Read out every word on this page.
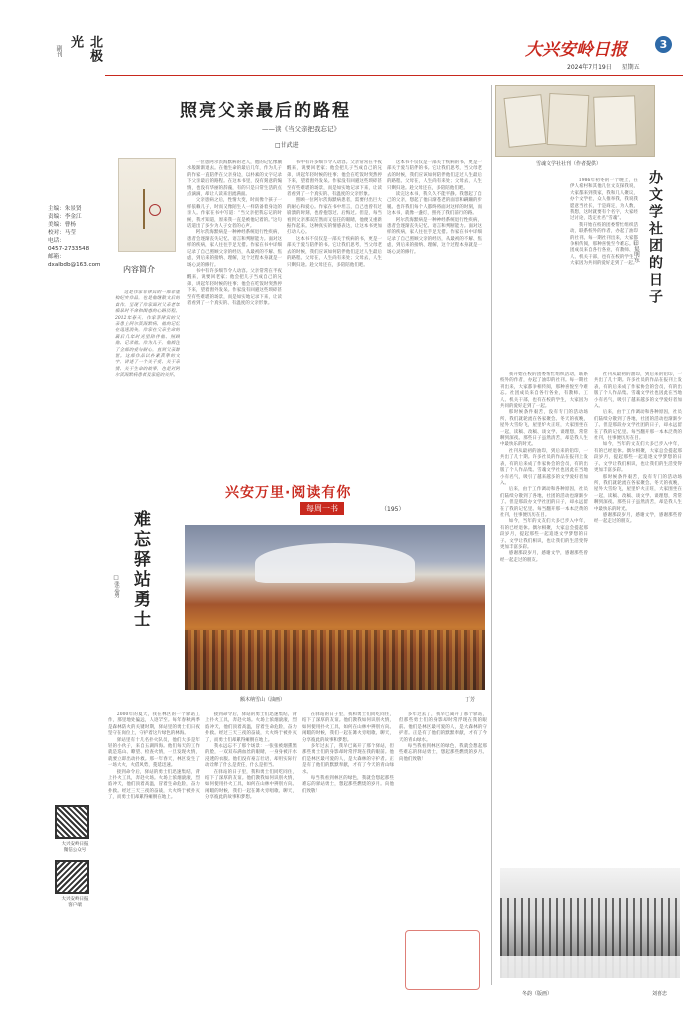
北极光
副刊	大兴安岭日报	3
2024年7月19日 星期五
主编：朱景贤
责编：李金江
美编：曹杨
校对：马莹
电话：
0457-2733548
邮箱：
dxalbdb@163.com
大兴安岭日报
微信公众号
大兴安岭日报
客户端
照亮父亲最后的路程
——读《当父亲把我忘记》
□甘武进
内容简介
这是作家菲律宾的一部非虚构纪实作品，也是他继散文后的首作，呈现了作家面对父亲老年痴呆时不舍和困惑的心路历程。2012年春天，作家菲律宾的父亲患上阿尔茨海默病，他的记忆在迅速消失，作家在父亲生命的最后几年时光里陪伴他、照顾他、记录他。作为儿子，他倾注了全部的爱与耐心，直到父亲辞世。这部作品以朴素真挚的文字，讲述了一个关于爱、关于亲情、关于生命的故事，也是对阿尔茨海默病患者及家庭的关怀。

一位患阿尔茨海默病的老人，他的记忆像潮水般渐渐退去。在他生命的最后几年，作为儿子的作家一直陪伴在父亲身边，以朴素的文字记录下父亲最后的路程。在这本书里，没有刻意的煽情，也没有华丽的辞藻，有的只是日常生活的点点滴滴，却让人读来泪流满面。

父亲患病之后，性情大变，时而像个孩子一样依赖儿子，时而又像陌生人一样防备着身边的亲人。作家在书中写道：“当父亲把我忘记的时候，我才知道，原来我一直是被他记着的。”这句话道出了多少为人子女者的心声。

阿尔茨海默病是一种神经系统退行性疾病，患者会逐渐丧失记忆、语言和判断能力。面对这样的疾病，家人往往手足无措。作家在书中详细记录了自己照顾父亲的经历，从最初的不解、焦虑，到后来的接纳、理解，这个过程本身就是一场心灵的修行。

书中有许多细节令人动容。父亲常常在半夜醒来，说要回老家；他会把儿子当成自己的兄弟，讲起年轻时候的往事；他会在吃饭时突然停下来，望着窗外发呆。作家没有回避这些琐碎甚至有些难堪的场景，而是如实地记录下来，让读者看到了一个真实的、有温度的父亲形象。

书中有许多细节令人动容。父亲常常在半夜醒来，说要回老家；他会把儿子当成自己的兄弟，讲起年轻时候的往事；他会在吃饭时突然停下来，望着窗外发呆。作家没有回避这些琐碎甚至有些难堪的场景，而是如实地记录下来，让读者看到了一个真实的、有温度的父亲形象。

照顾一位阿尔茨海默病患者，需要付出巨大的耐心和爱心。作家在书中坦言，自己也曾有过崩溃的时刻，也曾抱怨过、后悔过。但是，每当看到父亲那双茫然而又信任的眼睛，他便又重新振作起来。这种真实的情感表达，让这本书更加打动人心。

这本书不仅仅是一部关于疾病的书，更是一部关于爱与陪伴的书。它让我们思考，当父母老去的时候，我们应该如何陪伴他们走过人生最后的路程。父母在，人生尚有来处；父母去，人生只剩归途。趁父母还在，多陪陪他们吧。

这本书不仅仅是一部关于疾病的书，更是一部关于爱与陪伴的书。它让我们思考，当父母老去的时候，我们应该如何陪伴他们走过人生最后的路程。父母在，人生尚有来处；父母去，人生只剩归途。趁父母还在，多陪陪他们吧。

读完这本书，我久久不能平静。我想起了自己的父亲，想起了他日渐苍老的面容和蹒跚的步履。也许我们每个人都终将面对这样的时刻，而这本书，就像一盏灯，照亮了我们前行的路。

阿尔茨海默病是一种神经系统退行性疾病，患者会逐渐丧失记忆、语言和判断能力。面对这样的疾病，家人往往手足无措。作家在书中详细记录了自己照顾父亲的经历，从最初的不解、焦虑，到后来的接纳、理解，这个过程本身就是一场心灵的修行。

雪魂文学社社刊（作者提供）
办文学社团的日子
□吴明东

1986年初冬的一个晚上，在伊人希村和其他几位文友探我说，大家都来到我家，我和几人聚议，办个文学社，众人推举我，我说我愿意当社长，于是商定，为人数，我想，这时就要有个名字，大家经过讨论，选定社名“雪魂”。

我开始在校的团委帮忙组织活动，联系校外的作者，办起了油印的社刊。每一期社刊出来，大家都争相传阅，那种喜悦至今难忘。社团成员来自各行各业，有教师、工人、机关干部，也有在校的学生，大家因为共同的爱好走到了一起。

我开始在校的团委帮忙组织活动，联系校外的作者，办起了油印的社刊。每一期社刊出来，大家都争相传阅，那种喜悦至今难忘。社团成员来自各行各业，有教师、工人、机关干部，也有在校的学生，大家因为共同的爱好走到了一起。

那时候条件艰苦，没有专门的活动场所，我们就轮流在各家聚会。冬天的夜晚，屋外大雪纷飞，屋里炉火正旺，大家围坐在一起，读稿、改稿、谈文学、谈理想，常常聊到深夜。那些日子虽然清苦，却是我人生中最快乐的时光。

社刊从最初的油印，到后来的铅印，一共出了几十期。许多社员的作品在报刊上发表，有的后来成了作家协会的会员，有的出版了个人作品集。雪魂文学社也因此在当地小有名气，吸引了越来越多的文学爱好者加入。

后来，由于工作调动和各种原因，社员们陆续分散到了各地，社团的活动也渐渐少了。但是那段办文学社团的日子，却永远留在了我的记忆里。每当翻开那一本本泛黄的社刊，往事便历历在目。

如今，当年的文友们大多已步入中年，有的已经退休。偶尔相聚，大家总会提起那段岁月，提起那些一起追逐文学梦想的日子。文学让我们相识，也让我们的生活变得更加丰富多彩。

感谢那段岁月，感谢文学，感谢那些曾经一起走过的朋友。

社刊从最初的油印，到后来的铅印，一共出了几十期。许多社员的作品在报刊上发表，有的后来成了作家协会的会员，有的出版了个人作品集。雪魂文学社也因此在当地小有名气，吸引了越来越多的文学爱好者加入。

后来，由于工作调动和各种原因，社员们陆续分散到了各地，社团的活动也渐渐少了。但是那段办文学社团的日子，却永远留在了我的记忆里。每当翻开那一本本泛黄的社刊，往事便历历在目。

如今，当年的文友们大多已步入中年，有的已经退休。偶尔相聚，大家总会提起那段岁月，提起那些一起追逐文学梦想的日子。文学让我们相识，也让我们的生活变得更加丰富多彩。

那时候条件艰苦，没有专门的活动场所，我们就轮流在各家聚会。冬天的夜晚，屋外大雪纷飞，屋里炉火正旺，大家围坐在一起，读稿、改稿、谈文学、谈理想，常常聊到深夜。那些日子虽然清苦，却是我人生中最快乐的时光。

感谢那段岁月，感谢文学，感谢那些曾经一起走过的朋友。

兴安万里·阅读有你
每周一书	（195）
难忘驿站勇士
□张志勇
额木纳雪山（油画）	丁芳

2000年的夏天，我在林区的一个驿站工作，那里地处偏远，人迹罕至。每年春秋两季是森林防火的关键时期，驿站里的勇士们日夜坚守在岗位上，守护着这片绿色的林海。

驿站里有十几名扑火队员，他们大多是年轻的小伙子，来自五湖四海。他们每天的工作就是巡山、瞭望、检查火情，一旦发现火情，就要立即出动扑救。那一年春天，林区发生了一场大火，火借风势，蔓延迅速。

接到命令后，驿站的勇士们迅速集结，背上扑火工具，奔赴火场。火场上浓烟滚滚，烈焰冲天，他们顶着高温，冒着生命危险，奋力扑救。经过三天三夜的奋战，大火终于被扑灭了，而勇士们却累得瘫倒在地上。

接到命令后，驿站的勇士们迅速集结，背上扑火工具，奔赴火场。火场上浓烟滚滚，烈焰冲天，他们顶着高温，冒着生命危险，奋力扑救。经过三天三夜的奋战，大火终于被扑灭了，而勇士们却累得瘫倒在地上。

我永远忘不了那个场景：一张张被烟熏黑的脸，一双双布满血丝的眼睛，一身身被汗水浸透的衣服。他们没有豪言壮语，却用实际行动诠释了什么是责任，什么是担当。

在驿站的日子里，我和勇士们同吃同住，结下了深厚的友谊。他们教我如何识别火情，如何使用扑火工具，如何在山林中辨别方向。闲暇的时候，我们一起在篝火旁唱歌、聊天，分享彼此的故事和梦想。

在驿站的日子里，我和勇士们同吃同住，结下了深厚的友谊。他们教我如何识别火情，如何使用扑火工具，如何在山林中辨别方向。闲暇的时候，我们一起在篝火旁唱歌、聊天，分享彼此的故事和梦想。

多年过去了，我早已离开了那个驿站，但那些勇士们的身影却时常浮现在我的眼前。他们是林区最可爱的人，是大森林的守护者。正是有了他们的默默奉献，才有了今天的青山绿水。

每当我看到林区的绿色，我就会想起那些难忘的驿站勇士，想起那些燃烧的岁月。向他们致敬！

多年过去了，我早已离开了那个驿站，但那些勇士们的身影却时常浮现在我的眼前。他们是林区最可爱的人，是大森林的守护者。正是有了他们的默默奉献，才有了今天的青山绿水。

每当我看到林区的绿色，我就会想起那些难忘的驿站勇士，想起那些燃烧的岁月。向他们致敬！

冬韵（版画）	刘喜忠
